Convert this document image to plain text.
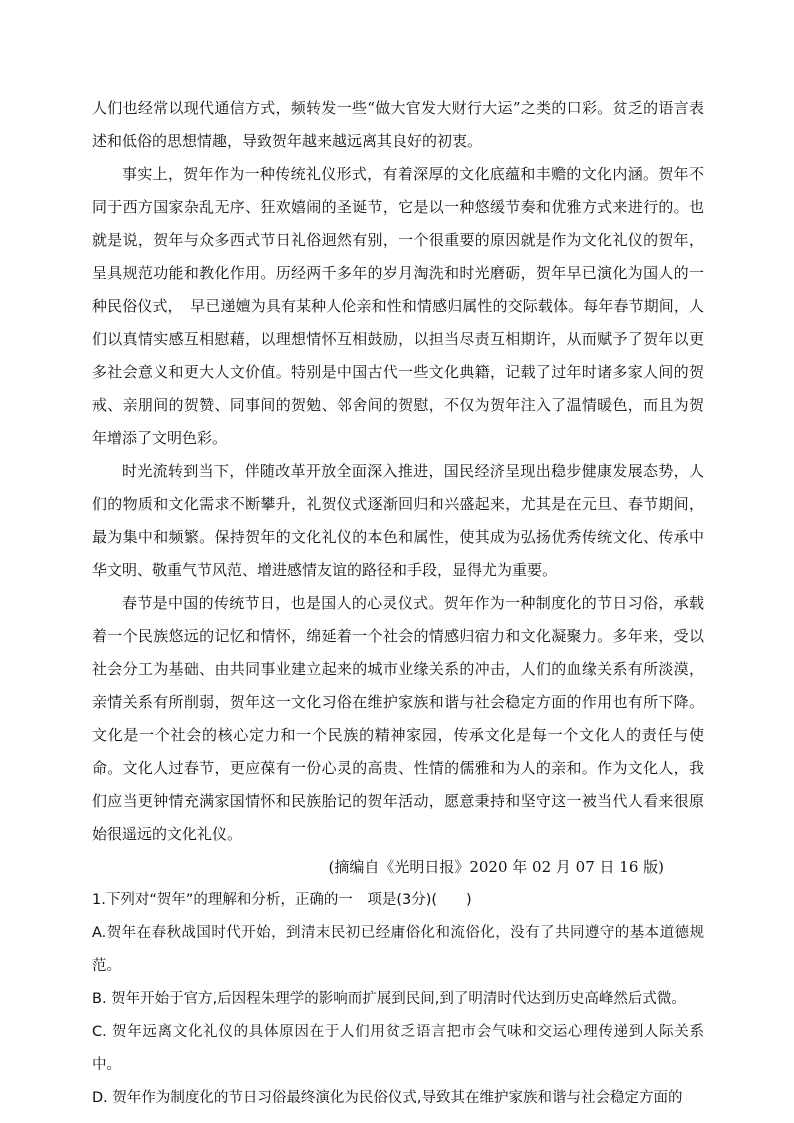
人们也经常以现代通信方式，频转发一些“做大官发大财行大运”之类的口彩。贫乏的语言表述和低俗的思想情趣，导致贺年越来越远离其良好的初衷。

事实上，贺年作为一种传统礼仪形式，有着深厚的文化底蕴和丰赡的文化内涵。贺年不同于西方国家杂乱无序、狂欢嬉闹的圣诞节，它是以一种悠缓节奏和优雅方式来进行的。也就是说，贺年与众多西式节日礼俗迥然有别，一个很重要的原因就是作为文化礼仪的贺年，呈具规范功能和教化作用。历经两千多年的岁月淘洗和时光磨砺，贺年早已演化为国人的一种民俗仪式，　早已递嬗为具有某种人伦亲和性和情感归属性的交际载体。每年春节期间，人们以真情实感互相慰藉，以理想情怀互相鼓励，以担当尽责互相期许，从而赋予了贺年以更多社会意义和更大人文价值。特别是中国古代一些文化典籍，记载了过年时诸多家人间的贺戒、亲朋间的贺赞、同事间的贺勉、邻舍间的贺慰，不仅为贺年注入了温情暖色，而且为贺年增添了文明色彩。

时光流转到当下，伴随改革开放全面深入推进，国民经济呈现出稳步健康发展态势，人们的物质和文化需求不断攀升，礼贺仪式逐渐回归和兴盛起来，尤其是在元旦、春节期间，最为集中和频繁。保持贺年的文化礼仪的本色和属性，使其成为弘扬优秀传统文化、传承中华文明、敬重气节风范、增进感情友谊的路径和手段，显得尤为重要。

春节是中国的传统节日，也是国人的心灵仪式。贺年作为一种制度化的节日习俗，承载着一个民族悠远的记忆和情怀，绵延着一个社会的情感归宿力和文化凝聚力。多年来，受以社会分工为基础、由共同事业建立起来的城市业缘关系的冲击，人们的血缘关系有所淡漠，亲情关系有所削弱，贺年这一文化习俗在维护家族和谐与社会稳定方面的作用也有所下降。文化是一个社会的核心定力和一个民族的精神家园，传承文化是每一个文化人的责任与使命。文化人过春节，更应葆有一份心灵的高贵、性情的儒雅和为人的亲和。作为文化人，我们应当更钟情充满家国情怀和民族胎记的贺年活动，愿意秉持和坚守这一被当代人看来很原始很遥远的文化礼仪。

(摘编自《光明日报》2020 年 02 月 07 日 16 版)

1.下列对“贺年”的理解和分析，正确的一　项是(3分)(　　)

A.贺年在春秋战国时代开始，到清末民初已经庸俗化和流俗化，没有了共同遵守的基本道德规范。

B. 贺年开始于官方,后因程朱理学的影响而扩展到民间,到了明清时代达到历史高峰然后式微。

C. 贺年远离文化礼仪的具体原因在于人们用贫乏语言把市会气味和交运心理传递到人际关系中。

D. 贺年作为制度化的节日习俗最终演化为民俗仪式,导致其在维护家族和谐与社会稳定方面的
